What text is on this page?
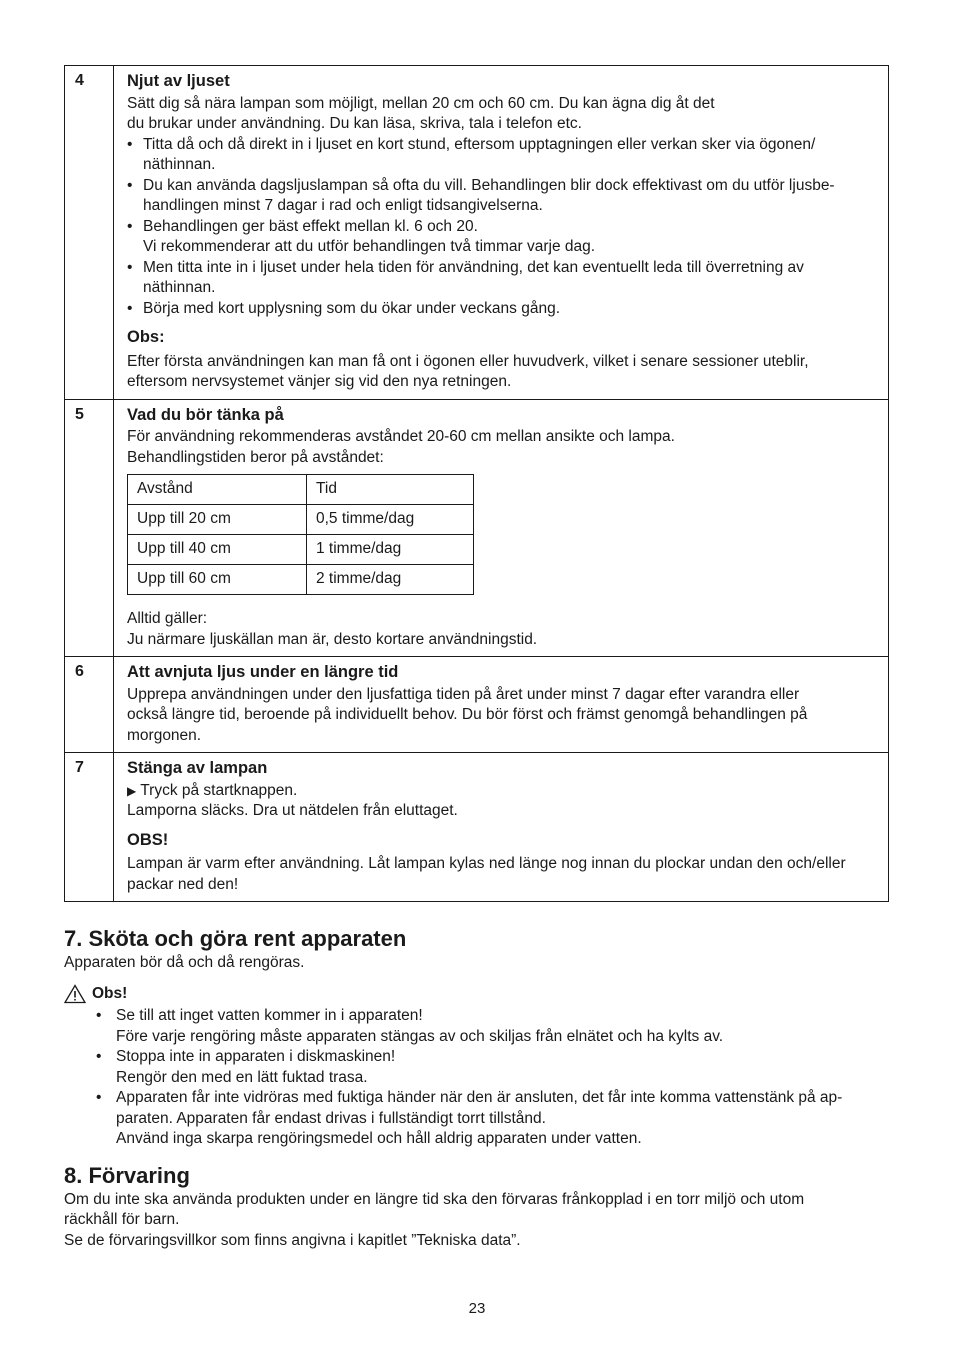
4	Njut av ljuset
Sätt dig så nära lampan som möjligt, mellan 20 cm och 60 cm. Du kan ägna dig åt det
du brukar under användning. Du kan läsa, skriva, tala i telefon etc.
• Titta då och då direkt in i ljuset en kort stund, eftersom upptagningen eller verkan sker via ögonen/
näthinnan.
• Du kan använda dagsljuslampan så ofta du vill. Behandlingen blir dock effektivast om du utför ljusbe-
handlingen minst 7 dagar i rad och enligt tidsangivelserna.
• Behandlingen ger bäst effekt mellan kl. 6 och 20.
Vi rekommenderar att du utför behandlingen två timmar varje dag.
• Men titta inte in i ljuset under hela tiden för användning, det kan eventuellt leda till överretning av
näthinnan.
• Börja med kort upplysning som du ökar under veckans gång.
Obs:
Efter första användningen kan man få ont i ögonen eller huvudverk, vilket i senare sessioner uteblir,
eftersom nervsystemet vänjer sig vid den nya retningen.

5	Vad du bör tänka på
För användning rekommenderas avståndet 20-60 cm mellan ansikte och lampa.
Behandlingstiden beror på avståndet:
Avstånd	Tid
Upp till 20 cm	0,5 timme/dag
Upp till 40 cm	1 timme/dag
Upp till 60 cm	2 timme/dag
Alltid gäller:
Ju närmare ljuskällan man är, desto kortare användningstid.

6	Att avnjuta ljus under en längre tid
Upprepa användningen under den ljusfattiga tiden på året under minst 7 dagar efter varandra eller
också längre tid, beroende på individuellt behov. Du bör först och främst genomgå behandlingen på
morgonen.

7	Stänga av lampan
▶ Tryck på startknappen.
Lamporna släcks. Dra ut nätdelen från eluttaget.
OBS!
Lampan är varm efter användning. Låt lampan kylas ned länge nog innan du plockar undan den och/eller
packar ned den!
7. Sköta och göra rent apparaten
Apparaten bör då och då rengöras.
Obs!
• Se till att inget vatten kommer in i apparaten!
Före varje rengöring måste apparaten stängas av och skiljas från elnätet och ha kylts av.
• Stoppa inte in apparaten i diskmaskinen!
Rengör den med en lätt fuktad trasa.
• Apparaten får inte vidröras med fuktiga händer när den är ansluten, det får inte komma vattenstänk på ap-
paraten. Apparaten får endast drivas i fullständigt torrt tillstånd.
Använd inga skarpa rengöringsmedel och håll aldrig apparaten under vatten.
8. Förvaring
Om du inte ska använda produkten under en längre tid ska den förvaras frånkopplad i en torr miljö och utom
räckhåll för barn.
Se de förvaringsvillkor som finns angivna i kapitlet ”Tekniska data”.
23
